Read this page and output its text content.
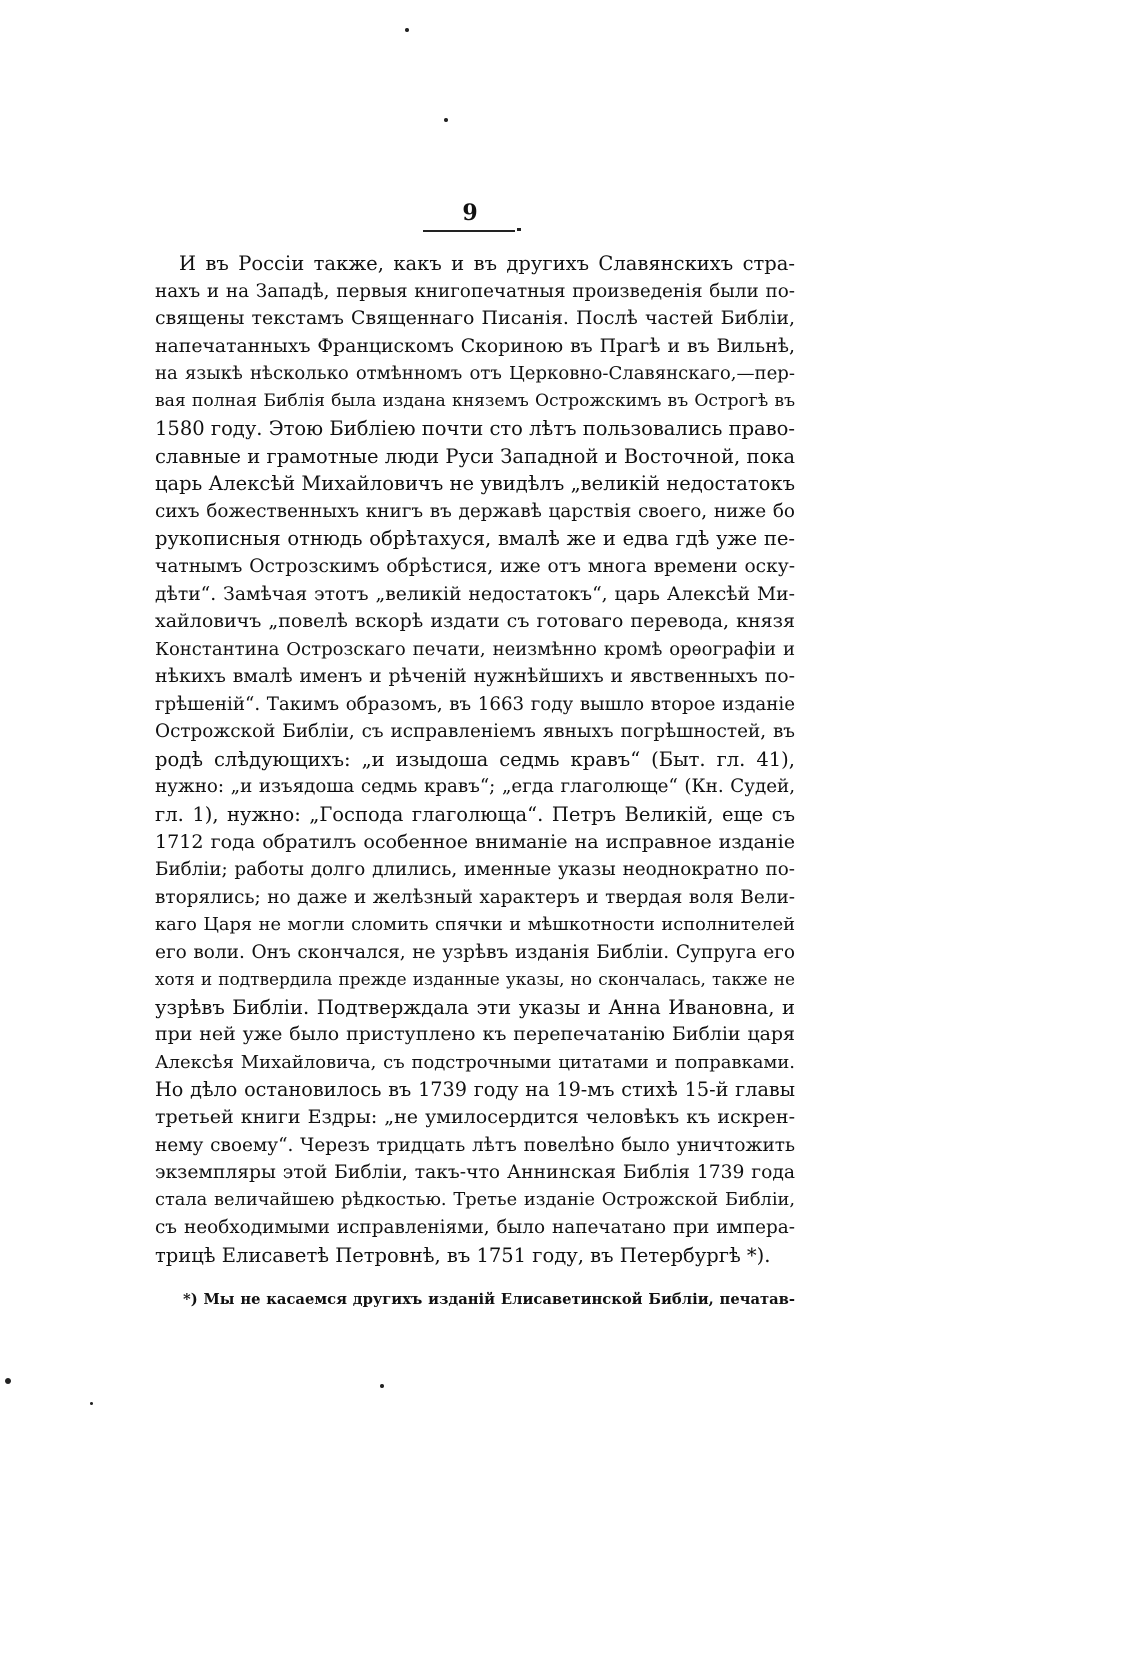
9
И въ Россіи также, какъ и въ другихъ Славянскихъ стра-
нахъ и на Западѣ, первыя книгопечатныя произведенія были по-
священы текстамъ Священнаго Писанія. Послѣ частей Библіи,
напечатанныхъ Францискомъ Скориною въ Прагѣ и въ Вильнѣ,
на языкѣ нѣсколько отмѣнномъ отъ Церковно-Славянскаго,—пер-
вая полная Библія была издана княземъ Острожскимъ въ Острогѣ въ
1580 году. Этою Библіею почти сто лѣтъ пользовались право-
славные и грамотные люди Руси Западной и Восточной, пока
царь Алексѣй Михайловичъ не увидѣлъ „великій недостатокъ
сихъ божественныхъ книгъ въ державѣ царствія своего, ниже бо
рукописныя отнюдь обрѣтахуся, вмалѣ же и едва гдѣ уже пе-
чатнымъ Острозскимъ обрѣстися, иже отъ многа времени оску-
дѣти“. Замѣчая этотъ „великій недостатокъ“, царь Алексѣй Ми-
хайловичъ „повелѣ вскорѣ издати съ готоваго перевода, князя
Константина Острозскаго печати, неизмѣнно кромѣ орѳографіи и
нѣкихъ вмалѣ именъ и рѣченій нужнѣйшихъ и явственныхъ по-
грѣшеній“. Такимъ образомъ, въ 1663 году вышло второе изданіе
Острожской Библіи, съ исправленіемъ явныхъ погрѣшностей, въ
родѣ слѣдующихъ: „и изыдоша седмь кравъ“ (Быт. гл. 41),
нужно: „и изъядоша седмь кравъ“; „егда глаголюще“ (Кн. Судей,
гл. 1), нужно: „Господа глаголюща“. Петръ Великій, еще съ
1712 года обратилъ особенное вниманіе на исправное изданіе
Библіи; работы долго длились, именные указы неоднократно по-
вторялись; но даже и желѣзный характеръ и твердая воля Вели-
каго Царя не могли сломить спячки и мѣшкотности исполнителей
его воли. Онъ скончался, не узрѣвъ изданія Библіи. Супруга его
хотя и подтвердила прежде изданные указы, но скончалась, также не
узрѣвъ Библіи. Подтверждала эти указы и Анна Ивановна, и
при ней уже было приступлено къ перепечатанію Библіи царя
Алексѣя Михайловича, съ подстрочными цитатами и поправками.
Но дѣло остановилось въ 1739 году на 19-мъ стихѣ 15-й главы
третьей книги Ездры: „не умилосердится человѣкъ къ искрен-
нему своему“. Черезъ тридцать лѣтъ повелѣно было уничтожить
экземпляры этой Библіи, такъ-что Аннинская Библія 1739 года
стала величайшею рѣдкостью. Третье изданіе Острожской Библіи,
съ необходимыми исправленіями, было напечатано при импера-
трицѣ Елисаветѣ Петровнѣ, въ 1751 году, въ Петербургѣ *).
*) Мы не касаемся другихъ изданій Елисаветинской Библіи, печатав-
